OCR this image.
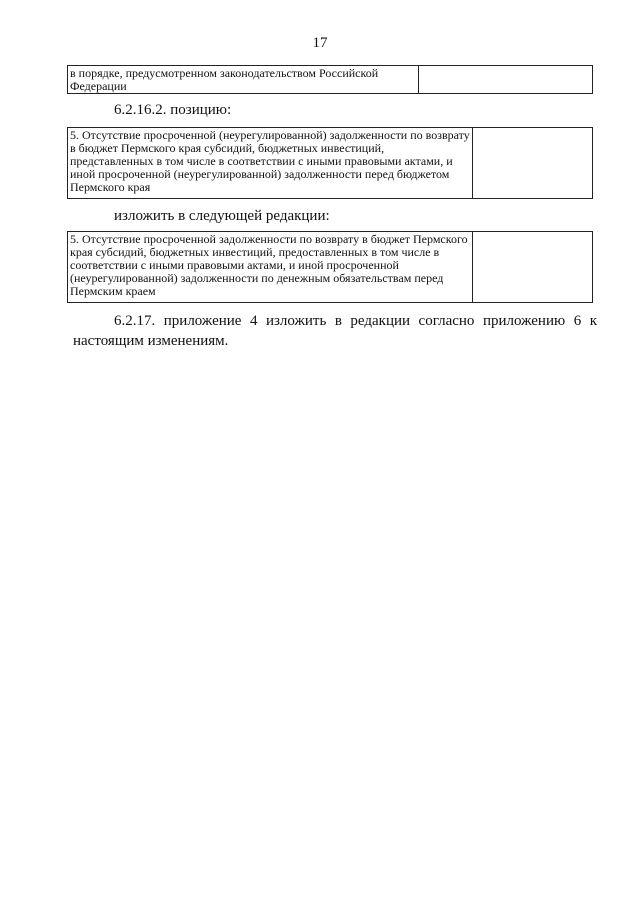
17
в порядке, предусмотренном законодательством Российской Федерации
6.2.16.2. позицию:
5. Отсутствие просроченной (неурегулированной) задолженности по возврату в бюджет Пермского края субсидий, бюджетных инвестиций, представленных в том числе в соответствии с иными правовыми актами, и иной просроченной (неурегулированной) задолженности перед бюджетом Пермского края
изложить в следующей редакции:
5. Отсутствие просроченной задолженности по возврату в бюджет Пермского края субсидий, бюджетных инвестиций, предоставленных в том числе в соответствии с иными правовыми актами, и иной просроченной (неурегулированной) задолженности по денежным обязательствам перед Пермским краем
6.2.17. приложение 4 изложить в редакции согласно приложению 6 к настоящим изменениям.
